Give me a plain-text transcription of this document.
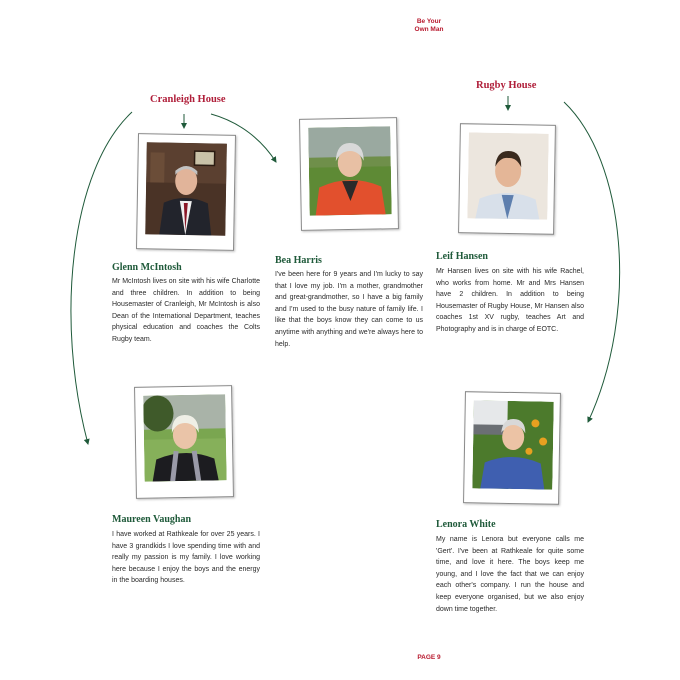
Be Your
Own Man
Cranleigh House
Rugby House
Glenn McIntosh
Mr McIntosh lives on site with his wife Charlotte and three children. In addition to being Housemaster of Cranleigh, Mr McIntosh is also Dean of the International Department, teaches physical education and coaches the Colts Rugby team.
Bea Harris
I've been here for 9 years and I'm lucky to say that I love my job. I'm a mother, grandmother and great-grandmother, so I have a big family and I'm used to the busy nature of family life. I like that the boys know they can come to us anytime with anything and we're always here to help.
Leif Hansen
Mr Hansen lives on site with his wife Rachel, who works from home. Mr and Mrs Hansen have 2 children. In addition to being Housemaster of Rugby House, Mr Hansen also coaches 1st XV rugby, teaches Art and Photography and is in charge of EOTC.
Maureen Vaughan
I have worked at Rathkeale for over 25 years. I have 3 grandkids I love spending time with and really my passion is my family. I love working here because I enjoy the boys and the energy in the boarding houses.
Lenora White
My name is Lenora but everyone calls me 'Gert'. I've been at Rathkeale for quite some time, and love it here. The boys keep me young, and I love the fact that we can enjoy each other's company. I run the house and keep everyone organised, but we also enjoy down time together.
PAGE 9
